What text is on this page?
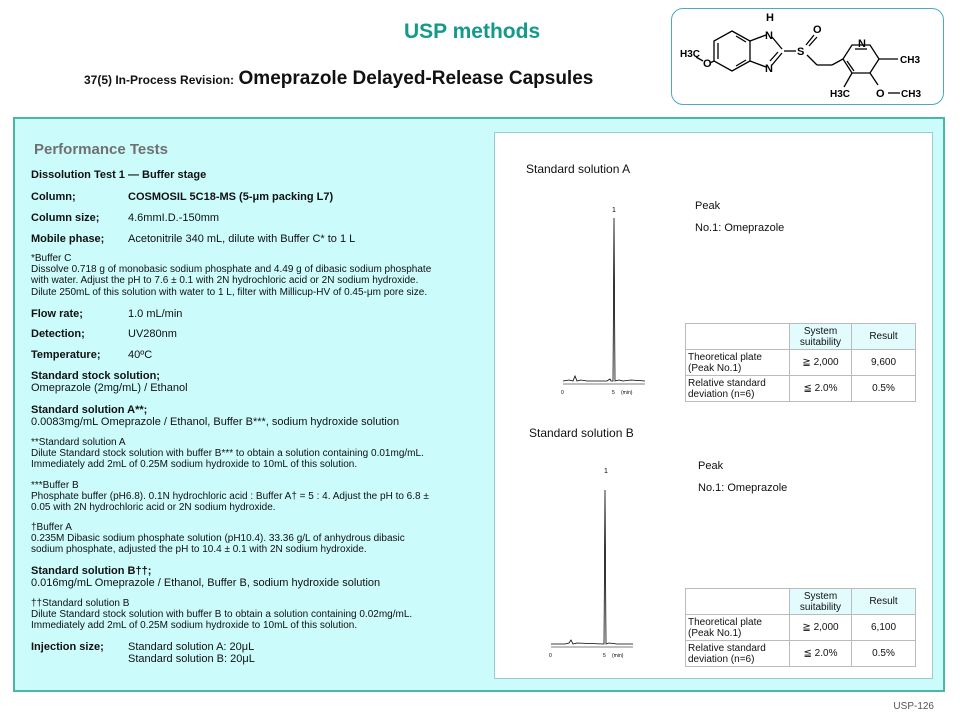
USP methods
37(5) In-Process Revision: Omeprazole Delayed-Release Capsules
H
N
N
S
O
O
H3C
N
CH3
O CH3
H3C
Performance Tests
Dissolution Test 1 — Buffer stage
Column;	COSMOSIL 5C18-MS (5-μm packing L7)
Column size;	4.6mmI.D.-150mm
Mobile phase; Acetonitrile 340 mL, dilute with Buffer C* to 1 L
*Buffer C
Dissolve 0.718 g of monobasic sodium phosphate and 4.49 g of dibasic sodium phosphate
with water. Adjust the pH to 7.6 ± 0.1 with 2N hydrochloric acid or 2N sodium hydroxide.
Dilute 250mL of this solution with water to 1 L, filter with Millicup-HV of 0.45-μm pore size.
Flow rate;	1.0 mL/min
Detection;	UV280nm
Temperature;	40ºC
Standard stock solution;
Omeprazole (2mg/mL) / Ethanol
Standard solution A**;
0.0083mg/mL Omeprazole / Ethanol, Buffer B***, sodium hydroxide solution
**Standard solution A
Dilute Standard stock solution with buffer B*** to obtain a solution containing 0.01mg/mL.
Immediately add 2mL of 0.25M sodium hydroxide to 10mL of this solution.
***Buffer B
Phosphate buffer (pH6.8). 0.1N hydrochloric acid : Buffer A† = 5 : 4. Adjust the pH to 6.8 ±
0.05 with 2N hydrochloric acid or 2N sodium hydroxide.
†Buffer A
0.235M Dibasic sodium phosphate solution (pH10.4). 33.36 g/L of anhydrous dibasic
sodium phosphate, adjusted the pH to 10.4 ± 0.1 with 2N sodium hydroxide.
Standard solution B††;
0.016mg/mL Omeprazole / Ethanol, Buffer B, sodium hydroxide solution
††Standard solution B
Dilute Standard stock solution with buffer B to obtain a solution containing 0.02mg/mL.
Immediately add 2mL of 0.25M sodium hydroxide to 10mL of this solution.
Injection size; Standard solution A: 20μL
Standard solution B: 20μL
Standard solution A
1
0	5 (min)
Peak
No.1: Omeprazole
	System suitability	Result
Theoretical plate (Peak No.1)	≧ 2,000	9,600
Relative standard deviation (n=6)	≦ 2.0%	0.5%
Standard solution B
1
0	5 (min)
Peak
No.1: Omeprazole
	System suitability	Result
Theoretical plate (Peak No.1)	≧ 2,000	6,100
Relative standard deviation (n=6)	≦ 2.0%	0.5%
USP-126
